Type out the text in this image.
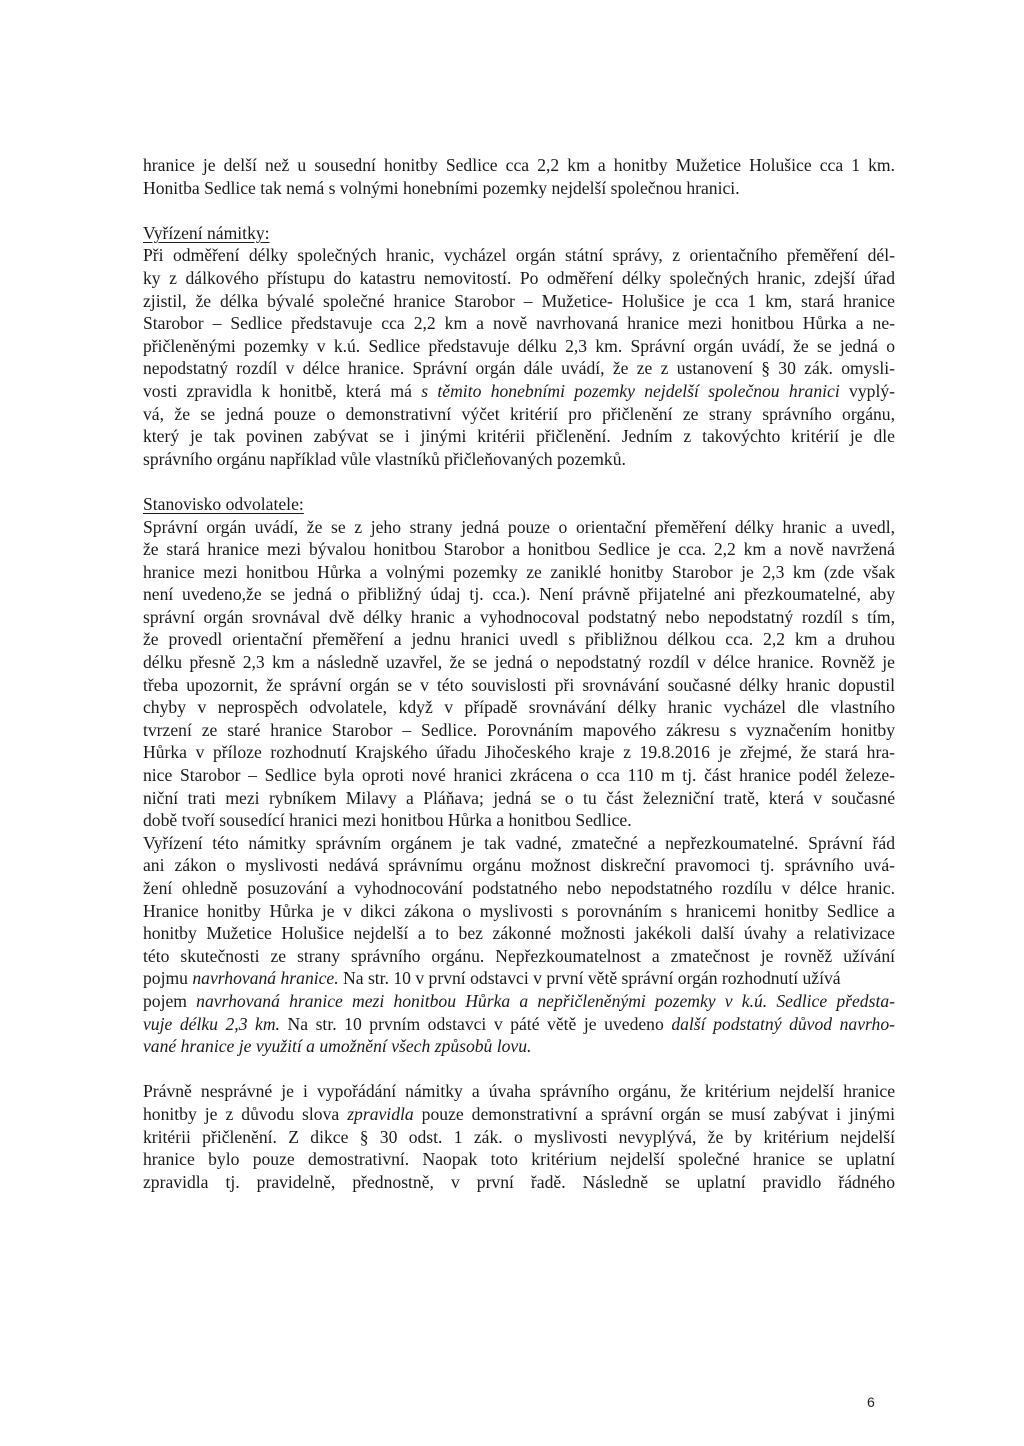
hranice je delší než u sousední honitby Sedlice cca 2,2 km a honitby Mužetice Holušice cca 1 km.
Honitba Sedlice tak nemá s volnými honebními pozemky nejdelší společnou hranici.
Vyřízení námitky:
Při odměření délky společných hranic, vycházel orgán státní správy, z orientačního přeměření dél-
ky z dálkového přístupu do katastru nemovitostí. Po odměření délky společných hranic, zdejší úřad
zjistil, že délka bývalé společné hranice Starobor – Mužetice- Holušice je cca 1 km, stará hranice
Starobor – Sedlice představuje cca 2,2 km a nově navrhovaná hranice mezi honitbou Hůrka a ne-
přičleněnými pozemky v k.ú. Sedlice představuje délku 2,3 km. Správní orgán uvádí, že se jedná o
nepodstatný rozdíl v délce hranice. Správní orgán dále uvádí, že ze z ustanovení § 30 zák. omysli-
vosti zpravidla k honitbě, která má s těmito honebními pozemky nejdelší společnou hranici vyplý-
vá, že se jedná pouze o demonstrativní výčet kritérií pro přičlenění ze strany správního orgánu,
který je tak povinen zabývat se i jinými kritérii přičlenění. Jedním z takovýchto kritérií je dle
správního orgánu například vůle vlastníků přičleňovaných pozemků.
Stanovisko odvolatele:
Správní orgán uvádí, že se z jeho strany jedná pouze o orientační přeměření délky hranic a uvedl,
že stará hranice mezi bývalou honitbou Starobor a honitbou Sedlice je cca. 2,2 km a nově navržená
hranice mezi honitbou Hůrka a volnými pozemky ze zaniklé honitby Starobor je 2,3 km (zde však
není uvedeno,že se jedná o přibližný údaj tj. cca.). Není právně přijatelné ani přezkoumatelné, aby
správní orgán srovnával dvě délky hranic a vyhodnocoval podstatný nebo nepodstatný rozdíl s tím,
že provedl orientační přeměření a jednu hranici uvedl s přibližnou délkou cca. 2,2 km a druhou
délku přesně 2,3 km a následně uzavřel, že se jedná o nepodstatný rozdíl v délce hranice. Rovněž je
třeba upozornit, že správní orgán se v této souvislosti při srovnávání současné délky hranic dopustil
chyby v neprospěch odvolatele, když v případě srovnávání délky hranic vycházel dle vlastního
tvrzení ze staré hranice Starobor – Sedlice. Porovnáním mapového zákresu s vyznačením honitby
Hůrka v příloze rozhodnutí Krajského úřadu Jihočeského kraje z 19.8.2016 je zřejmé, že stará hra-
nice Starobor – Sedlice byla oproti nové hranici zkrácena o cca 110 m tj. část hranice podél železe-
niční trati mezi rybníkem Milavy a Pláňava; jedná se o tu část železniční tratě, která v současné
době tvoří sousedící hranici mezi honitbou Hůrka a honitbou Sedlice.
Vyřízení této námitky správním orgánem je tak vadné, zmatečné a nepřezkoumatelné. Správní řád
ani zákon o myslivosti nedává správnímu orgánu možnost diskreční pravomoci tj. správního uvá-
žení ohledně posuzování a vyhodnocování podstatného nebo nepodstatného rozdílu v délce hranic.
Hranice honitby Hůrka je v dikci zákona o myslivosti s porovnáním s hranicemi honitby Sedlice a
honitby Mužetice Holušice nejdelší a to bez zákonné možnosti jakékoli další úvahy a relativizace
této skutečnosti ze strany správního orgánu. Nepřezkoumatelnost a zmatečnost je rovněž užívání
pojmu navrhovaná hranice. Na str. 10 v první odstavci v první větě správní orgán rozhodnutí užívá
pojem navrhovaná hranice mezi honitbou Hůrka a nepřičleněnými pozemky v k.ú. Sedlice předsta-
vuje délku 2,3 km. Na str. 10 prvním odstavci v páté větě je uvedeno další podstatný důvod navrho-
vané hranice je využití a umožnění všech způsobů lovu.
Právně nesprávné je i vypořádání námitky a úvaha správního orgánu, že kritérium nejdelší hranice
honitby je z důvodu slova zpravidla pouze demonstrativní a správní orgán se musí zabývat i jinými
kritérii přičlenění. Z dikce § 30 odst. 1 zák. o myslivosti nevyplývá, že by kritérium nejdelší
hranice bylo pouze demostrativní. Naopak toto kritérium nejdelší společné hranice se uplatní
zpravidla tj. pravidelně, přednostně, v první řadě. Následně se uplatní pravidlo řádného
6
